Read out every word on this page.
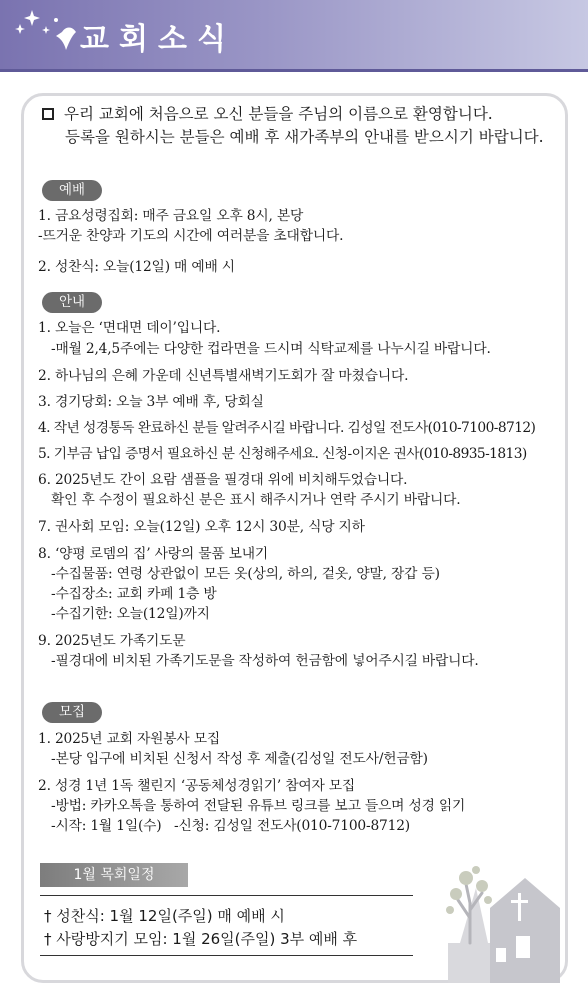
교회소식
우리 교회에 처음으로 오신 분들을 주님의 이름으로 환영합니다.
등록을 원하시는 분들은 예배 후 새가족부의 안내를 받으시기 바랍니다.
예배
1. 금요성령집회: 매주 금요일 오후 8시, 본당
-뜨거운 찬양과 기도의 시간에 여러분을 초대합니다.
2. 성찬식: 오늘(12일) 매 예배 시
안내
1. 오늘은 ‘면대면 데이’입니다.
-매월 2,4,5주에는 다양한 컵라면을 드시며 식탁교제를 나누시길 바랍니다.
2. 하나님의 은혜 가운데 신년특별새벽기도회가 잘 마쳤습니다.
3. 경기당회: 오늘 3부 예배 후, 당회실
4. 작년 성경통독 완료하신 분들 알려주시길 바랍니다. 김성일 전도사(010-7100-8712)
5. 기부금 납입 증명서 필요하신 분 신청해주세요. 신청-이지온 권사(010-8935-1813)
6. 2025년도 간이 요람 샘플을 필경대 위에 비치해두었습니다.
확인 후 수정이 필요하신 분은 표시 해주시거나 연락 주시기 바랍니다.
7. 권사회 모임: 오늘(12일) 오후 12시 30분, 식당 지하
8. ‘양평 로뎀의 집’ 사랑의 물품 보내기
-수집물품: 연령 상관없이 모든 옷(상의, 하의, 겉옷, 양말, 장갑 등)
-수집장소: 교회 카페 1층 방
-수집기한: 오늘(12일)까지
9. 2025년도 가족기도문
-필경대에 비치된 가족기도문을 작성하여 헌금함에 넣어주시길 바랍니다.
모집
1. 2025년 교회 자원봉사 모집
-본당 입구에 비치된 신청서 작성 후 제출(김성일 전도사/헌금함)
2. 성경 1년 1독 챌린지 ‘공동체성경읽기’ 참여자 모집
-방법: 카카오톡을 통하여 전달된 유튜브 링크를 보고 들으며 성경 읽기
-시작: 1월 1일(수)   -신청: 김성일 전도사(010-7100-8712)
1월 목회일정
† 성찬식: 1월 12일(주일) 매 예배 시
† 사랑방지기 모임: 1월 26일(주일) 3부 예배 후
